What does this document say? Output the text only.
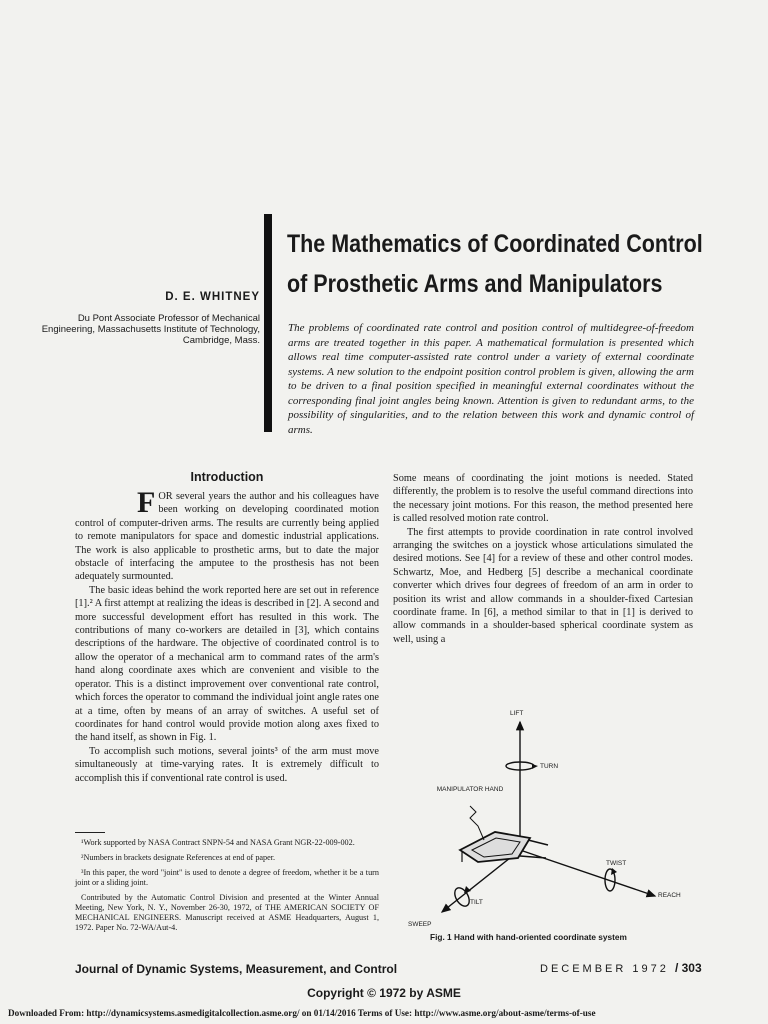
The Mathematics of Coordinated Control
of Prosthetic Arms and Manipulators
D. E. WHITNEY
Du Pont Associate Professor of Mechanical Engineering, Massachusetts Institute of Technology, Cambridge, Mass.
The problems of coordinated rate control and position control of multidegree-of-freedom arms are treated together in this paper. A mathematical formulation is presented which allows real time computer-assisted rate control under a variety of external coordinate systems. A new solution to the endpoint position control problem is given, allowing the arm to be driven to a final position specified in meaningful external coordinates without the corresponding final joint angles being known. Attention is given to redundant arms, to the possibility of singularities, and to the relation between this work and dynamic control of arms.
Introduction

FOR several years the author and his colleagues have been working on developing coordinated motion control of computer-driven arms. The results are currently being applied to remote manipulators for space and domestic industrial applications. The work is also applicable to prosthetic arms, but to date the major obstacle of interfacing the amputee to the prosthesis has not been adequately surmounted.

The basic ideas behind the work reported here are set out in reference [1].² A first attempt at realizing the ideas is described in [2]. A second and more successful development effort has resulted in this work. The contributions of many co-workers are detailed in [3], which contains descriptions of the hardware. The objective of coordinated control is to allow the operator of a mechanical arm to command rates of the arm's hand along coordinate axes which are convenient and visible to the operator. This is a distinct improvement over conventional rate control, which forces the operator to command the individual joint angle rates one at a time, often by means of an array of switches. A useful set of coordinates for hand control would provide motion along axes fixed to the hand itself, as shown in Fig. 1.

To accomplish such motions, several joints³ of the arm must move simultaneously at time-varying rates. It is extremely difficult to accomplish this if conventional rate control is used.

¹Work supported by NASA Contract SNPN-54 and NASA Grant NGR-22-009-002.

²Numbers in brackets designate References at end of paper.

³In this paper, the word "joint" is used to denote a degree of freedom, whether it be a turn joint or a sliding joint.

Contributed by the Automatic Control Division and presented at the Winter Annual Meeting, New York, N. Y., November 26-30, 1972, of THE AMERICAN SOCIETY OF MECHANICAL ENGINEERS. Manuscript received at ASME Headquarters, August 1, 1972. Paper No. 72-WA/Aut-4.

Some means of coordinating the joint motions is needed. Stated differently, the problem is to resolve the useful command directions into the necessary joint motions. For this reason, the method presented here is called resolved motion rate control.

The first attempts to provide coordination in rate control involved arranging the switches on a joystick whose articulations simulated the desired motions. See [4] for a review of these and other control modes. Schwartz, Moe, and Hedberg [5] describe a mechanical coordinate converter which drives four degrees of freedom of an arm in order to position its wrist and allow commands in a shoulder-fixed Cartesian coordinate frame. In [6], a method similar to that in [1] is derived to allow commands in a shoulder-based spherical coordinate system as well, using a

LIFT
TURN
MANIPULATOR HAND
TWIST
REACH
TILT
SWEEP
Fig. 1 Hand with hand-oriented coordinate system
Journal of Dynamic Systems, Measurement, and Control	DECEMBER 1972 / 303
Copyright © 1972 by ASME
Downloaded From: http://dynamicsystems.asmedigitalcollection.asme.org/ on 01/14/2016 Terms of Use: http://www.asme.org/about-asme/terms-of-use
